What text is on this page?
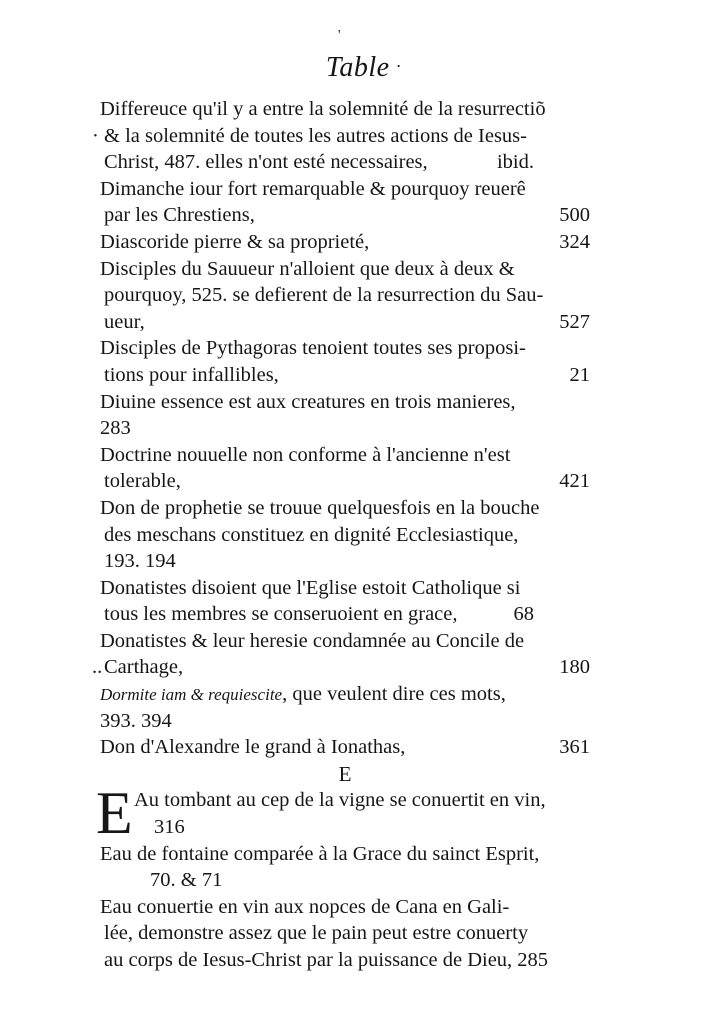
'
Table ·
Differeuce qu'il y a entre la solemnité de la resurrectiõ
· & la solemnité de toutes les autres actions de Iesus-
Christ, 487. elles n'ont esté necessaires,	ibid.
Dimanche iour fort remarquable & pourquoy reuerê
par les Chrestiens,	500
Diascoride pierre & sa proprieté,	324
Disciples du Sauueur n'alloient que deux à deux &
pourquoy, 525. se defierent de la resurrection du Sau-
ueur,	527
Disciples de Pythagoras tenoient toutes ses proposi-
tions pour infallibles,	21
Diuine essence est aux creatures en trois manieres,
283
Doctrine nouuelle non conforme à l'ancienne n'est
tolerable,	421
Don de prophetie se trouue quelquesfois en la bouche
des meschans constituez en dignité Ecclesiastique,
193. 194
Donatistes disoient que l'Eglise estoit Catholique si
tous les membres se conseruoient en grace,	68
Donatistes & leur heresie condamnée au Concile de
.. Carthage,	180
Dormite iam & requiescite, que veulent dire ces mots,
393. 394
Don d'Alexandre le grand à Ionathas,	361
E
E Au tombant au cep de la vigne se conuertit en vin,
316
Eau de fontaine comparée à la Grace du sainct Esprit,
70. & 71
Eau conuertie en vin aux nopces de Cana en Gali-
lée, demonstre assez que le pain peut estre conuerty
au corps de Iesus-Christ par la puissance de Dieu, 285
